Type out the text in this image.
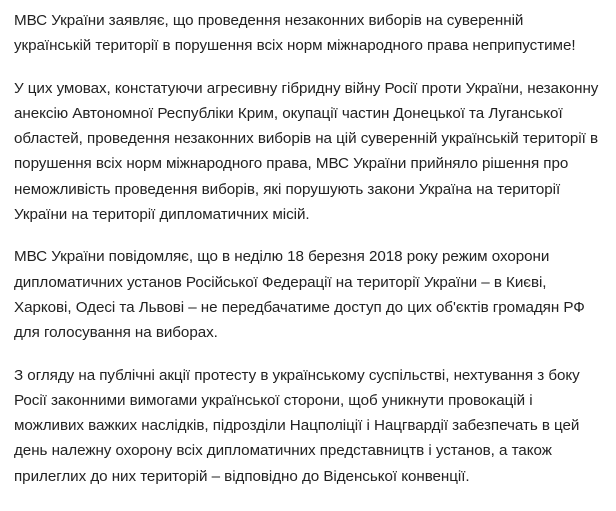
МВС України заявляє, що проведення незаконних виборів на суверенній українській території в порушення всіх норм міжнародного права неприпустиме!

У цих умовах, констатуючи агресивну гібридну війну Росії проти України, незаконну анексію Автономної Республіки Крим, окупації частин Донецької та Луганської областей, проведення незаконних виборів на цій суверенній українській території в порушення всіх норм міжнародного права, МВС України прийняло рішення про неможливість проведення виборів, які порушують закони Україна на території України на території дипломатичних місій.

МВС України повідомляє, що в неділю 18 березня 2018 року режим охорони дипломатичних установ Російської Федерації на території України – в Києві, Харкові, Одесі та Львові – не передбачатиме доступ до цих об'єктів громадян РФ для голосування на виборах.

З огляду на публічні акції протесту в українському суспільстві, нехтування з боку Росії законними вимогами української сторони, щоб уникнути провокацій і можливих важких наслідків, підрозділи Нацполіції і Нацгвардії забезпечать в цей день належну охорону всіх дипломатичних представництв і установ, а також прилеглих до них територій – відповідно до Віденської конвенції.
